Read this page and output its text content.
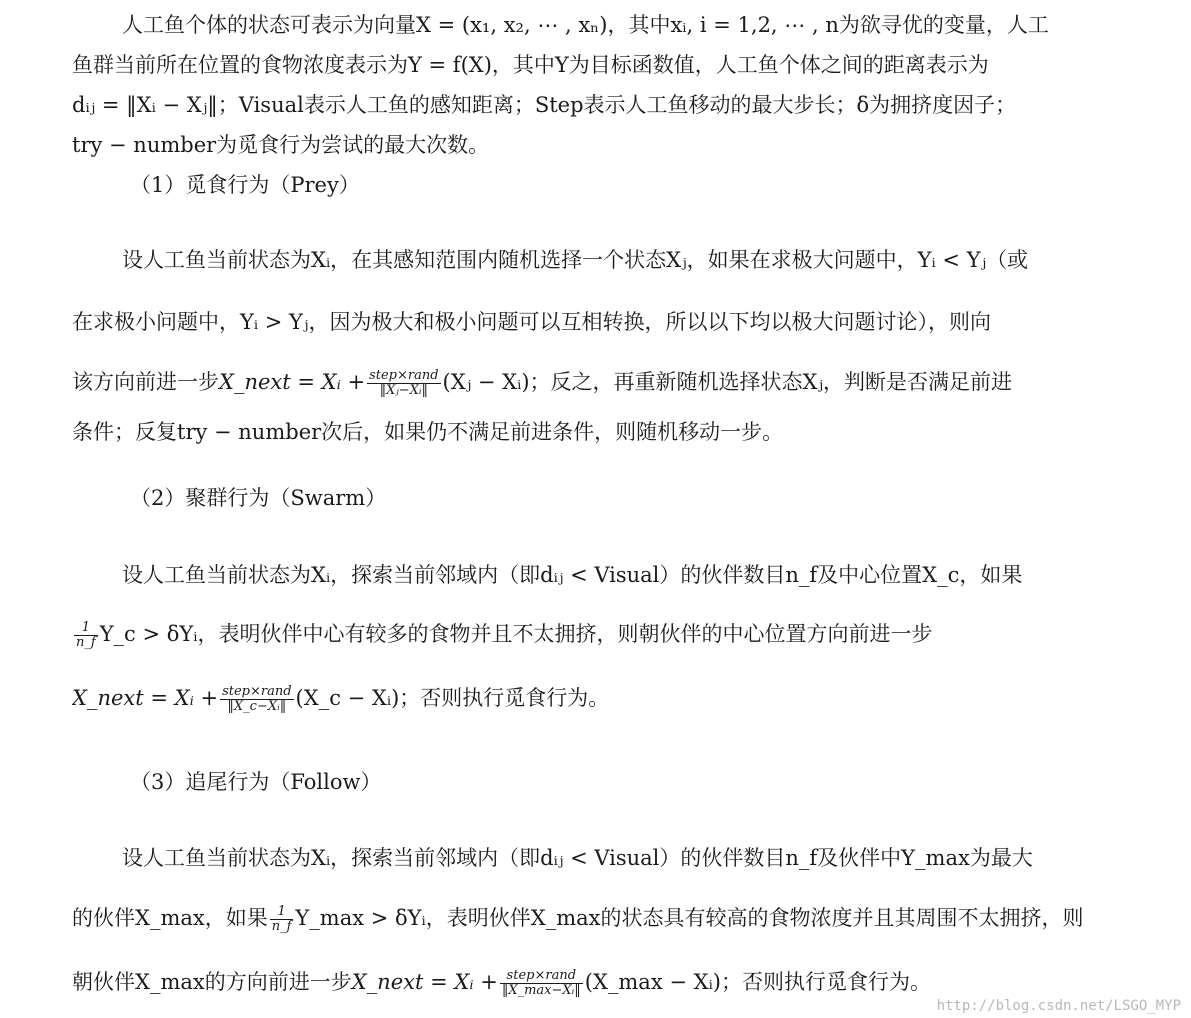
人工鱼个体的状态可表示为向量X = (x₁, x₂, ⋯ , xₙ)，其中xᵢ, i = 1,2, ⋯ , n为欲寻优的变量，人工
鱼群当前所在位置的食物浓度表示为Y = f(X)，其中Y为目标函数值，人工鱼个体之间的距离表示为
dᵢⱼ = ‖Xᵢ − Xⱼ‖；Visual表示人工鱼的感知距离；Step表示人工鱼移动的最大步长；δ为拥挤度因子；
try − number为觅食行为尝试的最大次数。
（1）觅食行为（Prey）
设人工鱼当前状态为Xᵢ，在其感知范围内随机选择一个状态Xⱼ，如果在求极大问题中，Yᵢ < Yⱼ（或
在求极小问题中，Yᵢ > Yⱼ，因为极大和极小问题可以互相转换，所以以下均以极大问题讨论），则向
该方向前进一步X_next = Xᵢ + $\frac{\text{step×rand}}{\text{‖Xⱼ−Xᵢ‖}}$ (Xⱼ − Xᵢ)；反之，再重新随机选择状态Xⱼ，判断是否满足前进
条件；反复try − number次后，如果仍不满足前进条件，则随机移动一步。
（2）聚群行为（Swarm）
设人工鱼当前状态为Xᵢ，探索当前邻域内（即dᵢⱼ < Visual）的伙伴数目n_f及中心位置X_c，如果
$\frac{1}{n\_f}$ Y_c > δYᵢ，表明伙伴中心有较多的食物并且不太拥挤，则朝伙伴的中心位置方向前进一步
X_next = Xᵢ + $\frac{\text{step×rand}}{\text{‖X\_c−Xᵢ‖}}$ (X_c − Xᵢ)；否则执行觅食行为。
（3）追尾行为（Follow）
设人工鱼当前状态为Xᵢ，探索当前邻域内（即dᵢⱼ < Visual）的伙伴数目n_f及伙伴中Y_max为最大
的伙伴X_max，如果 $\frac{1}{n\_f}$ Y_max > δYᵢ，表明伙伴X_max的状态具有较高的食物浓度并且其周围不太拥挤，则
朝伙伴X_max的方向前进一步X_next = Xᵢ + $\frac{\text{step×rand}}{\text{‖X\_max−Xᵢ‖}}$ (X_max − Xᵢ)；否则执行觅食行为。
http://blog.csdn.net/LSGO_MYP
